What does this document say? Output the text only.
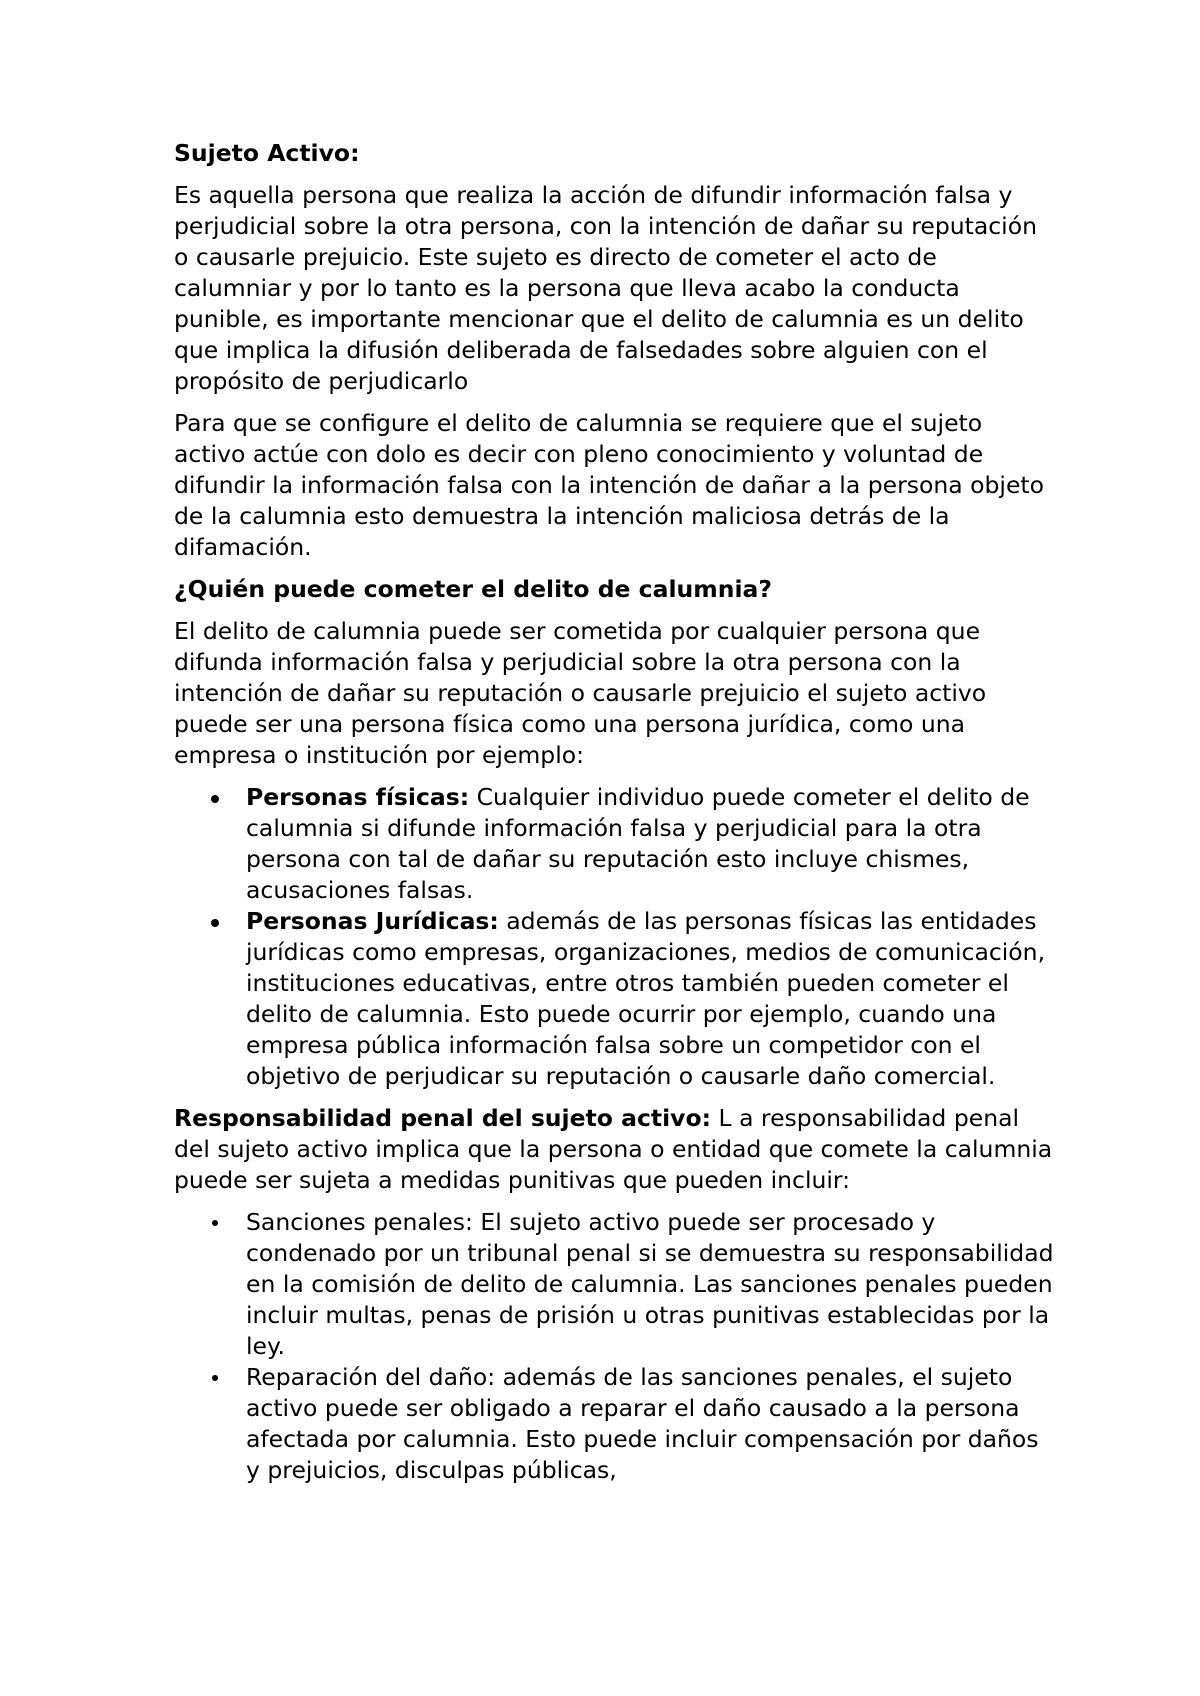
Sujeto Activo:

Es aquella persona que realiza la acción de difundir información falsa y perjudicial sobre la otra persona, con la intención de dañar su reputación o causarle prejuicio. Este sujeto es directo de cometer el acto de calumniar y por lo tanto es la persona que lleva acabo la conducta punible, es importante mencionar que el delito de calumnia es un delito que implica la difusión deliberada de falsedades sobre alguien con el propósito de perjudicarlo

Para que se configure el delito de calumnia se requiere que el sujeto activo actúe con dolo es decir con pleno conocimiento y voluntad de difundir la información falsa con la intención de dañar a la persona objeto de la calumnia esto demuestra la intención maliciosa detrás de la difamación.

¿Quién puede cometer el delito de calumnia?

El delito de calumnia puede ser cometida por cualquier persona que difunda información falsa y perjudicial sobre la otra persona con la intención de dañar su reputación o causarle prejuicio el sujeto activo puede ser una persona física como una persona jurídica, como una empresa o institución por ejemplo:

Personas físicas: Cualquier individuo puede cometer el delito de calumnia si difunde información falsa y perjudicial para la otra persona con tal de dañar su reputación esto incluye chismes, acusaciones falsas.
Personas Jurídicas: además de las personas físicas las entidades jurídicas como empresas, organizaciones, medios de comunicación, instituciones educativas, entre otros también pueden cometer el delito de calumnia. Esto puede ocurrir por ejemplo, cuando una empresa pública información falsa sobre un competidor con el objetivo de perjudicar su reputación o causarle daño comercial.

Responsabilidad penal del sujeto activo: L a responsabilidad penal del sujeto activo implica que la persona o entidad que comete la calumnia puede ser sujeta a medidas punitivas que pueden incluir:

Sanciones penales: El sujeto activo puede ser procesado y condenado por un tribunal penal si se demuestra su responsabilidad en la comisión de delito de calumnia. Las sanciones penales pueden incluir multas, penas de prisión u otras punitivas establecidas por la ley.
Reparación del daño: además de las sanciones penales, el sujeto activo puede ser obligado a reparar el daño causado a la persona afectada por calumnia. Esto puede incluir compensación por daños y prejuicios, disculpas públicas,
